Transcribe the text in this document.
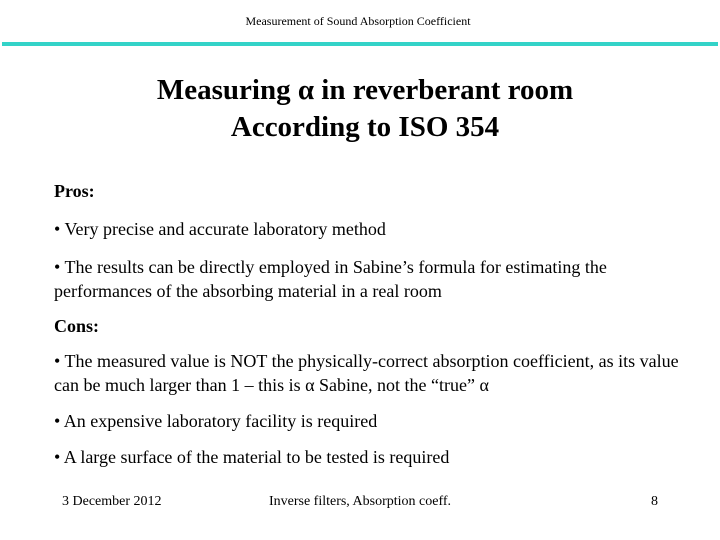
Measurement of Sound Absorption Coefficient
Measuring α in reverberant room
According to ISO 354
Pros:
• Very precise and accurate laboratory method
• The results can be directly employed in Sabine’s formula for estimating the performances of the absorbing material in a real room
Cons:
• The measured value is NOT the physically-correct absorption coefficient, as its value can be much larger than 1 – this is α Sabine, not the “true” α
• An expensive laboratory facility is required
• A large surface of the material to be tested is required
3 December 2012	Inverse filters, Absorption coeff.	8
